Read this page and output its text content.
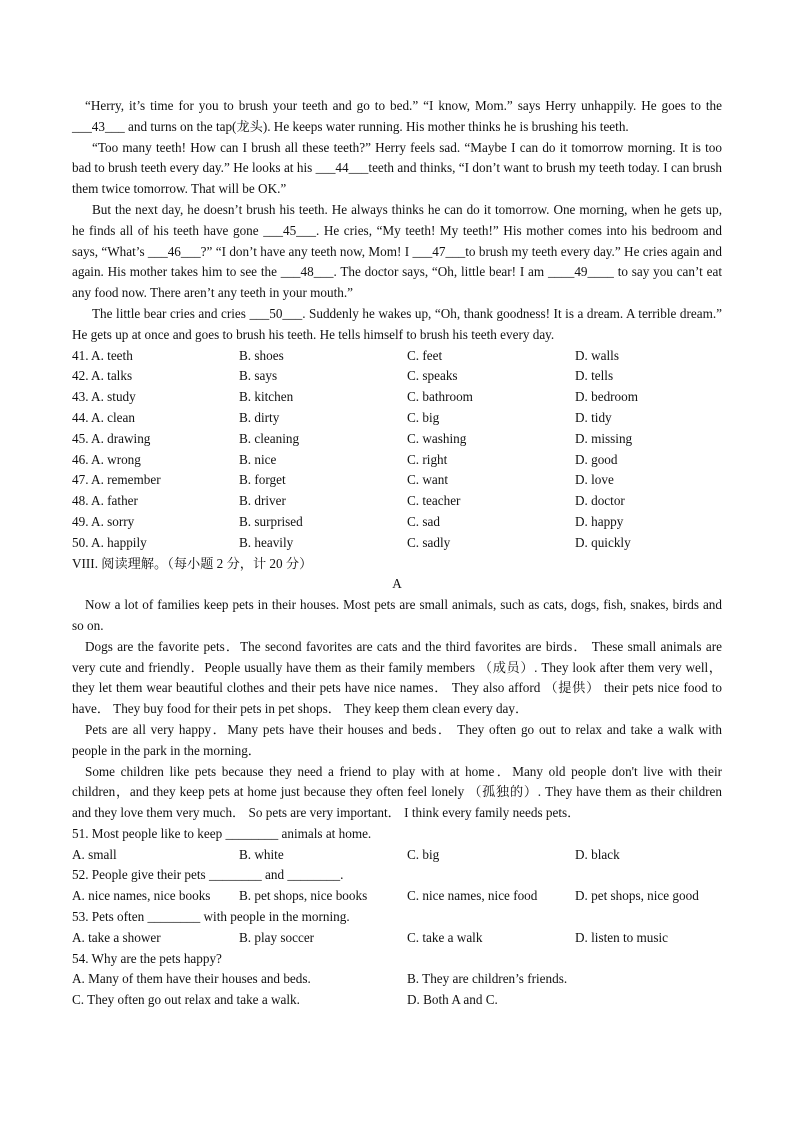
“Herry, it’s time for you to brush your teeth and go to bed.” “I know, Mom.” says Herry unhappily. He goes to the ___43___ and turns on the tap(龙头). He keeps water running. His mother thinks he is brushing his teeth.

“Too many teeth! How can I brush all these teeth?” Herry feels sad. “Maybe I can do it tomorrow morning. It is too bad to brush teeth every day.” He looks at his ___44___teeth and thinks, “I don’t want to brush my teeth today. I can brush them twice tomorrow. That will be OK.”

But the next day, he doesn’t brush his teeth. He always thinks he can do it tomorrow. One morning, when he gets up, he finds all of his teeth have gone ___45___. He cries, “My teeth! My teeth!” His mother comes into his bedroom and says, “What’s ___46___?” “I don’t have any teeth now, Mom! I ___47___to brush my teeth every day.” He cries again and again. His mother takes him to see the ___48___. The doctor says, “Oh, little bear! I am ____49____ to say you can’t eat any food now. There aren’t any teeth in your mouth.”

The little bear cries and cries ___50___. Suddenly he wakes up, “Oh, thank goodness! It is a dream. A terrible dream.” He gets up at once and goes to brush his teeth. He tells himself to brush his teeth every day.

41. A. teeth	B. shoes	C. feet	D. walls
42. A. talks	B. says	C. speaks	D. tells
43. A. study	B. kitchen	C. bathroom	D. bedroom
44. A. clean	B. dirty	C. big	D. tidy
45. A. drawing	B. cleaning	C. washing	D. missing
46. A. wrong	B. nice	C. right	D. good
47. A. remember	B. forget	C. want	D. love
48. A. father	B. driver	C. teacher	D. doctor
49. A. sorry	B. surprised	C. sad	D. happy
50. A. happily	B. heavily	C. sadly	D. quickly

VIII. 阅读理解。（每小题 2 分，计 20 分）

A

Now a lot of families keep pets in their houses. Most pets are small animals, such as cats, dogs, fish, snakes, birds and so on.

Dogs are the favorite pets．The second favorites are cats and the third favorites are birds． These small animals are very cute and friendly．People usually have them as their family members （成员）. They look after them very well，they let them wear beautiful clothes and their pets have nice names． They also afford （提供） their pets nice food to have． They buy food for their pets in pet shops． They keep them clean every day．

Pets are all very happy．Many pets have their houses and beds． They often go out to relax and take a walk with people in the park in the morning．

Some children like pets because they need a friend to play with at home．Many old people don't live with their children，and they keep pets at home just because they often feel lonely （孤独的）. They have them as their children and they love them very much． So pets are very important． I think every family needs pets．

51. Most people like to keep ________ animals at home.

A. small	B. white	C. big	D. black

52. People give their pets ________ and ________.

A. nice names, nice books	B. pet shops, nice books	C. nice names, nice food	D. pet shops, nice good

53. Pets often ________ with people in the morning.

A. take a shower	B. play soccer	C. take a walk	D. listen to music

54. Why are the pets happy?

A. Many of them have their houses and beds.	B. They are children’s friends.
C. They often go out relax and take a walk.	D. Both A and C.
